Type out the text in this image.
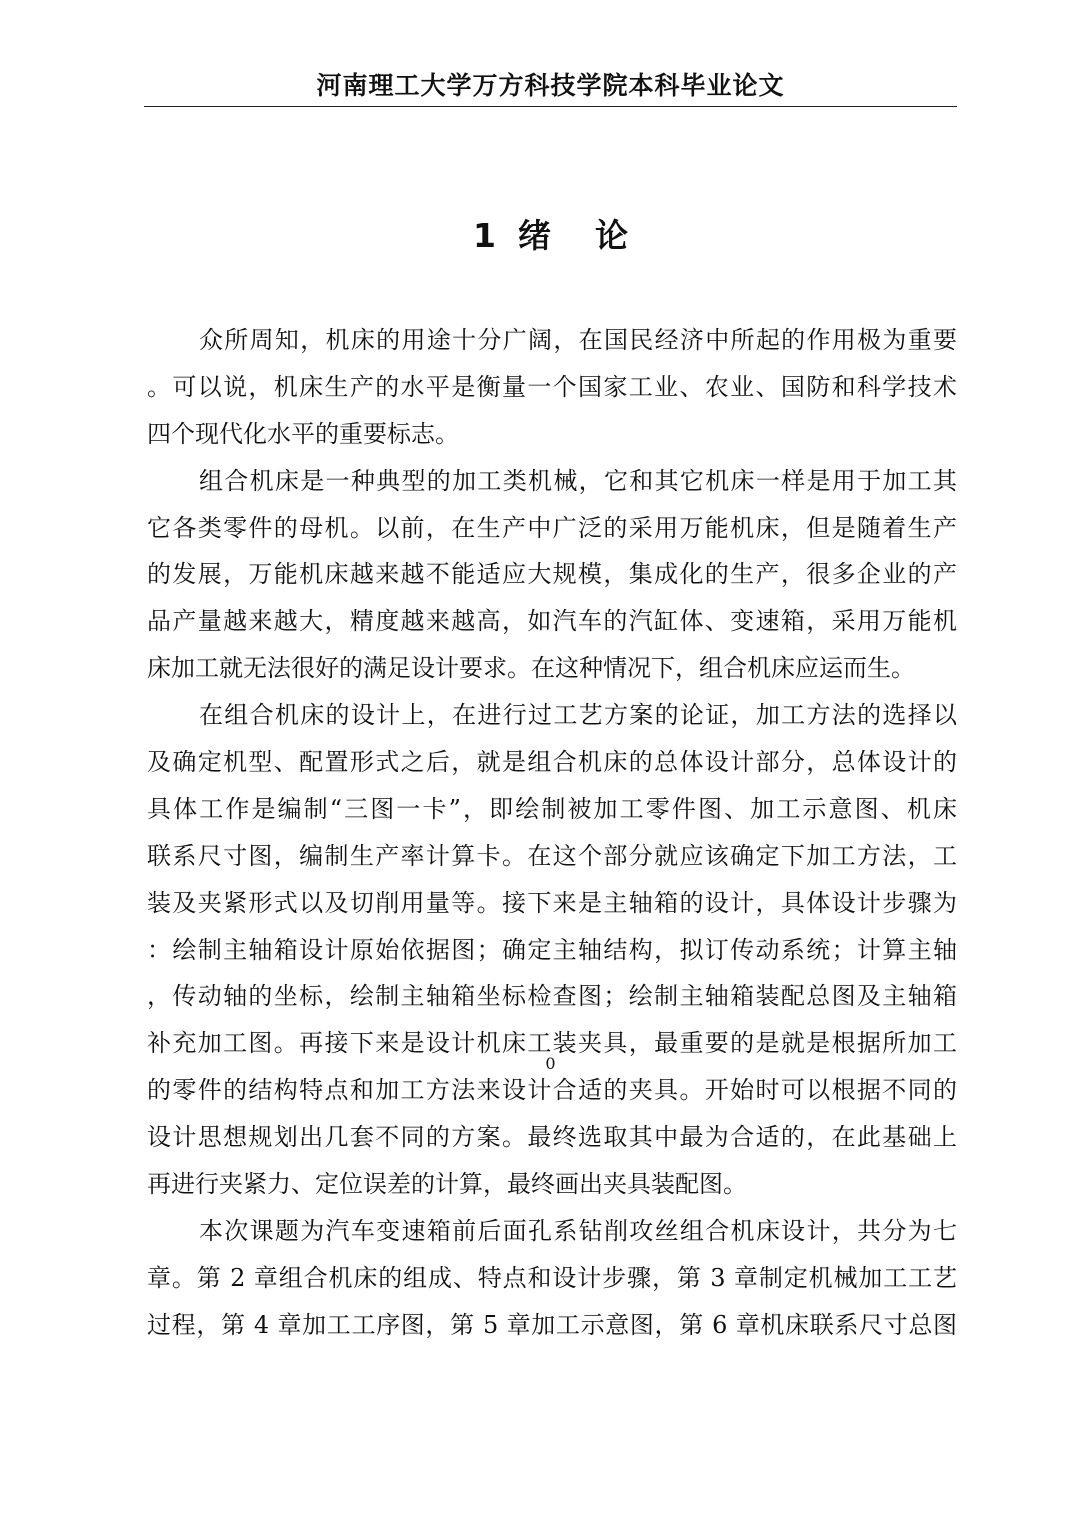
河南理工大学万方科技学院本科毕业论文
1 绪 论
众所周知，机床的用途十分广阔，在国民经济中所起的作用极为重要
。可以说，机床生产的水平是衡量一个国家工业、农业、国防和科学技术
四个现代化水平的重要标志。
组合机床是一种典型的加工类机械，它和其它机床一样是用于加工其
它各类零件的母机。以前，在生产中广泛的采用万能机床，但是随着生产
的发展，万能机床越来越不能适应大规模，集成化的生产，很多企业的产
品产量越来越大，精度越来越高，如汽车的汽缸体、变速箱，采用万能机
床加工就无法很好的满足设计要求。在这种情况下，组合机床应运而生。
在组合机床的设计上，在进行过工艺方案的论证，加工方法的选择以
及确定机型、配置形式之后，就是组合机床的总体设计部分，总体设计的
具体工作是编制“三图一卡”，即绘制被加工零件图、加工示意图、机床
联系尺寸图，编制生产率计算卡。在这个部分就应该确定下加工方法，工
装及夹紧形式以及切削用量等。接下来是主轴箱的设计，具体设计步骤为
：绘制主轴箱设计原始依据图；确定主轴结构，拟订传动系统；计算主轴
，传动轴的坐标，绘制主轴箱坐标检查图；绘制主轴箱装配总图及主轴箱
补充加工图。再接下来是设计机床工装夹具，最重要的是就是根据所加工
的零件的结构特点和加工方法来设计合适的夹具。开始时可以根据不同的
设计思想规划出几套不同的方案。最终选取其中最为合适的，在此基础上
再进行夹紧力、定位误差的计算，最终画出夹具装配图。
本次课题为汽车变速箱前后面孔系钻削攻丝组合机床设计，共分为七
章。第 2 章组合机床的组成、特点和设计步骤，第 3 章制定机械加工工艺
过程，第 4 章加工工序图，第 5 章加工示意图，第 6 章机床联系尺寸总图
0
